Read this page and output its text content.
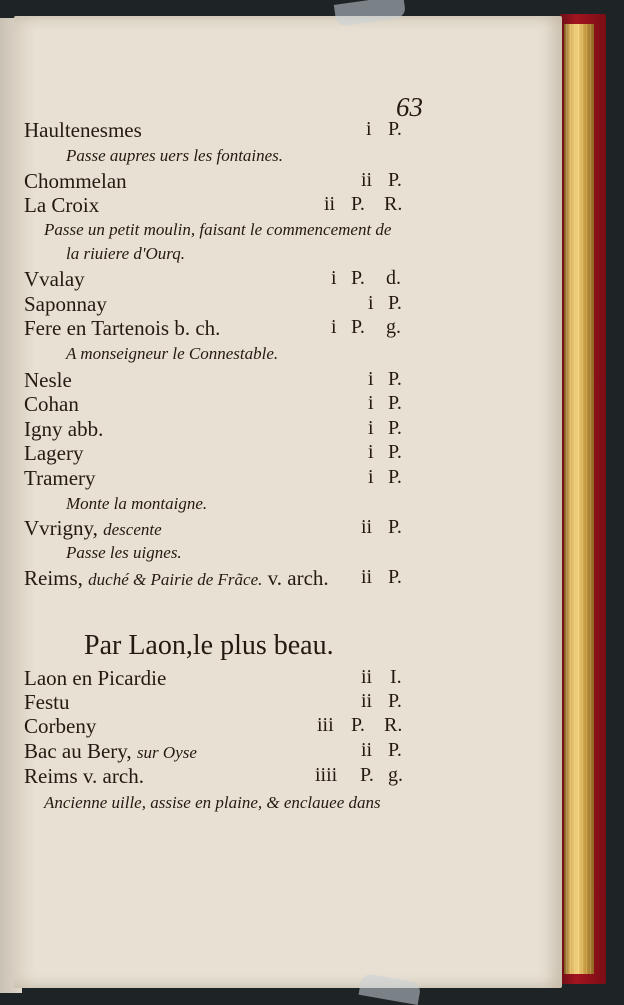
63
Haultenesmes	i P.
Passe aupres uers les fontaines.
Chommelan	ii P.
La Croix	ii P. R.
Passe un petit moulin, faisant le commencement de
la riuiere d'Ourq.
Vvalay	i P. d.
Saponnay	i P.
Fere en Tartenois b. ch.	i P. g.
A monseigneur le Connestable.
Nesle	i P.
Cohan	i P.
Igny abb.	i P.
Lagery	i P.
Tramery	i P.
Monte la montaigne.
Vvrigny, descente	ii P.
Passe les uignes.
Reims, duché & Pairie de Frãce. v. arch. ii P.
Par Laon,le plus beau.
Laon en Picardie	ii I.
Festu	ii P.
Corbeny	iii P. R.
Bac au Bery, sur Oyse	ii P.
Reims v. arch.	iiii P. g.
Ancienne uille, assise en plaine, & enclauee dans
